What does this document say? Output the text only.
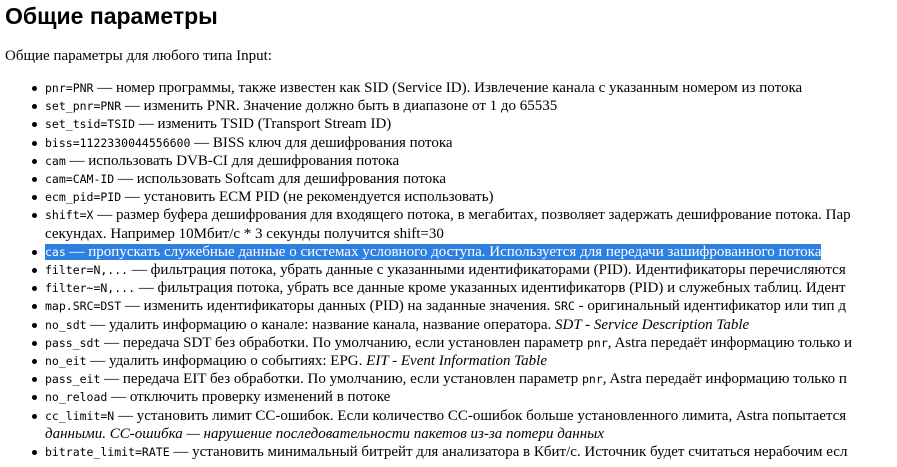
Общие параметры

Общие параметры для любого типа Input:

pnr=PNR — номер программы, также известен как SID (Service ID). Извлечение канала с указанным номером из потока
set_pnr=PNR — изменить PNR. Значение должно быть в диапазоне от 1 до 65535
set_tsid=TSID — изменить TSID (Transport Stream ID)
biss=1122330044556600 — BISS ключ для дешифрования потока
cam — использовать DVB-CI для дешифрования потока
cam=CAM-ID — использовать Softcam для дешифрования потока
ecm_pid=PID — установить ECM PID (не рекомендуется использовать)
shift=X — размер буфера дешифрования для входящего потока, в мегабитах, позволяет задержать дешифрование потока. Пар
секундах. Например 10Мбит/с * 3 секунды получится shift=30
cas — пропускать служебные данные о системах условного доступа. Используется для передачи зашифрованного потока
filter=N,... — фильтрация потока, убрать данные с указанными идентификаторами (PID). Идентификаторы перечисляются
filter~=N,... — фильтрация потока, убрать все данные кроме указанных идентификаторв (PID) и служебных таблиц. Идент
map.SRC=DST — изменить идентификаторы данных (PID) на заданные значения. SRC - оригинальный идентификатор или тип д
no_sdt — удалить информацию о канале: название канала, название оператора. SDT - Service Description Table
pass_sdt — передача SDT без обработки. По умолчанию, если установлен параметр pnr, Astra передаёт информацию только и
no_eit — удалить информацию о событиях: EPG. EIT - Event Information Table
pass_eit — передача EIT без обработки. По умолчанию, если установлен параметр pnr, Astra передаёт информацию только п
no_reload — отключить проверку изменений в потоке
cc_limit=N — установить лимит CC-ошибок. Если количество CC-ошибок больше установленного лимита, Astra попытается
данными. CC-ошибка — нарушение последовательности пакетов из-за потери данных
bitrate_limit=RATE — установить минимальный битрейт для анализатора в Кбит/с. Источник будет считаться нерабочим есл
